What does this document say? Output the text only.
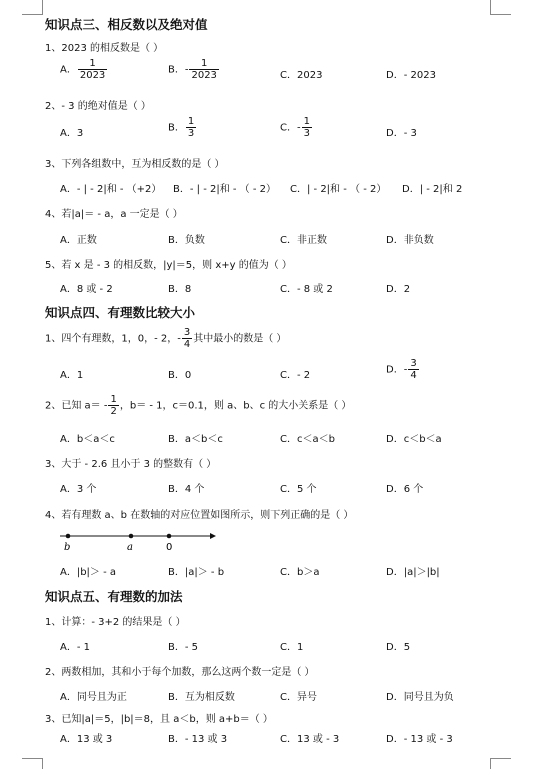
知识点三、相反数以及绝对值
1、2023 的相反数是（ ）
A． $\frac{1}{2023}$	B．- $\frac{1}{2023}$	C．2023	D．- 2023
2、- 3 的绝对值是（ ）
A．3	B． $\frac{1}{3}$	C．- $\frac{1}{3}$	D．- 3
3、下列各组数中，互为相反数的是（ ）
A．- | - 2|和 - （+2） B．- | - 2|和 - （ - 2） C．| - 2|和 - （ - 2） D．| - 2|和 2
4、若|a|＝ - a，a 一定是（ ）
A．正数	B．负数	C．非正数	D．非负数
5、若 x 是 - 3 的相反数，|y|＝5，则 x+y 的值为（ ）
A．8 或 - 2	B．8	C．- 8 或 2	D．2
知识点四、有理数比较大小
1、四个有理数，1，0，- 2，- $\frac{3}{4}$ 其中最小的数是（ ）
A．1	B．0	C．- 2	D．- $\frac{3}{4}$
2、已知 $a= - \frac{1}{2}$ ，b＝ - 1，c＝0.1，则 a、b、c 的大小关系是（ ）
A．b＜a＜c	B．a＜b＜c	C．c＜a＜b	D．c＜b＜a
3、大于 - 2.6 且小于 3 的整数有（ ）
A．3 个	B．4 个	C．5 个	D．6 个
4、若有理数 a、b 在数轴的对应位置如图所示，则下列正确的是（ ）
b	a	0
A．|b|＞ - a	B．|a|＞ - b	C．b＞a	D．|a|＞|b|
知识点五、有理数的加法
1、计算：- 3+2 的结果是（ ）
A．- 1	B．- 5	C．1	D．5
2、两数相加，其和小于每个加数，那么这两个数一定是（ ）
A．同号且为正	B．互为相反数	C．异号	D．同号且为负
3、已知|a|＝5，|b|＝8，且 a＜b，则 a+b＝（ ）
A．13 或 3	B．- 13 或 3	C．13 或 - 3	D．- 13 或 - 3
